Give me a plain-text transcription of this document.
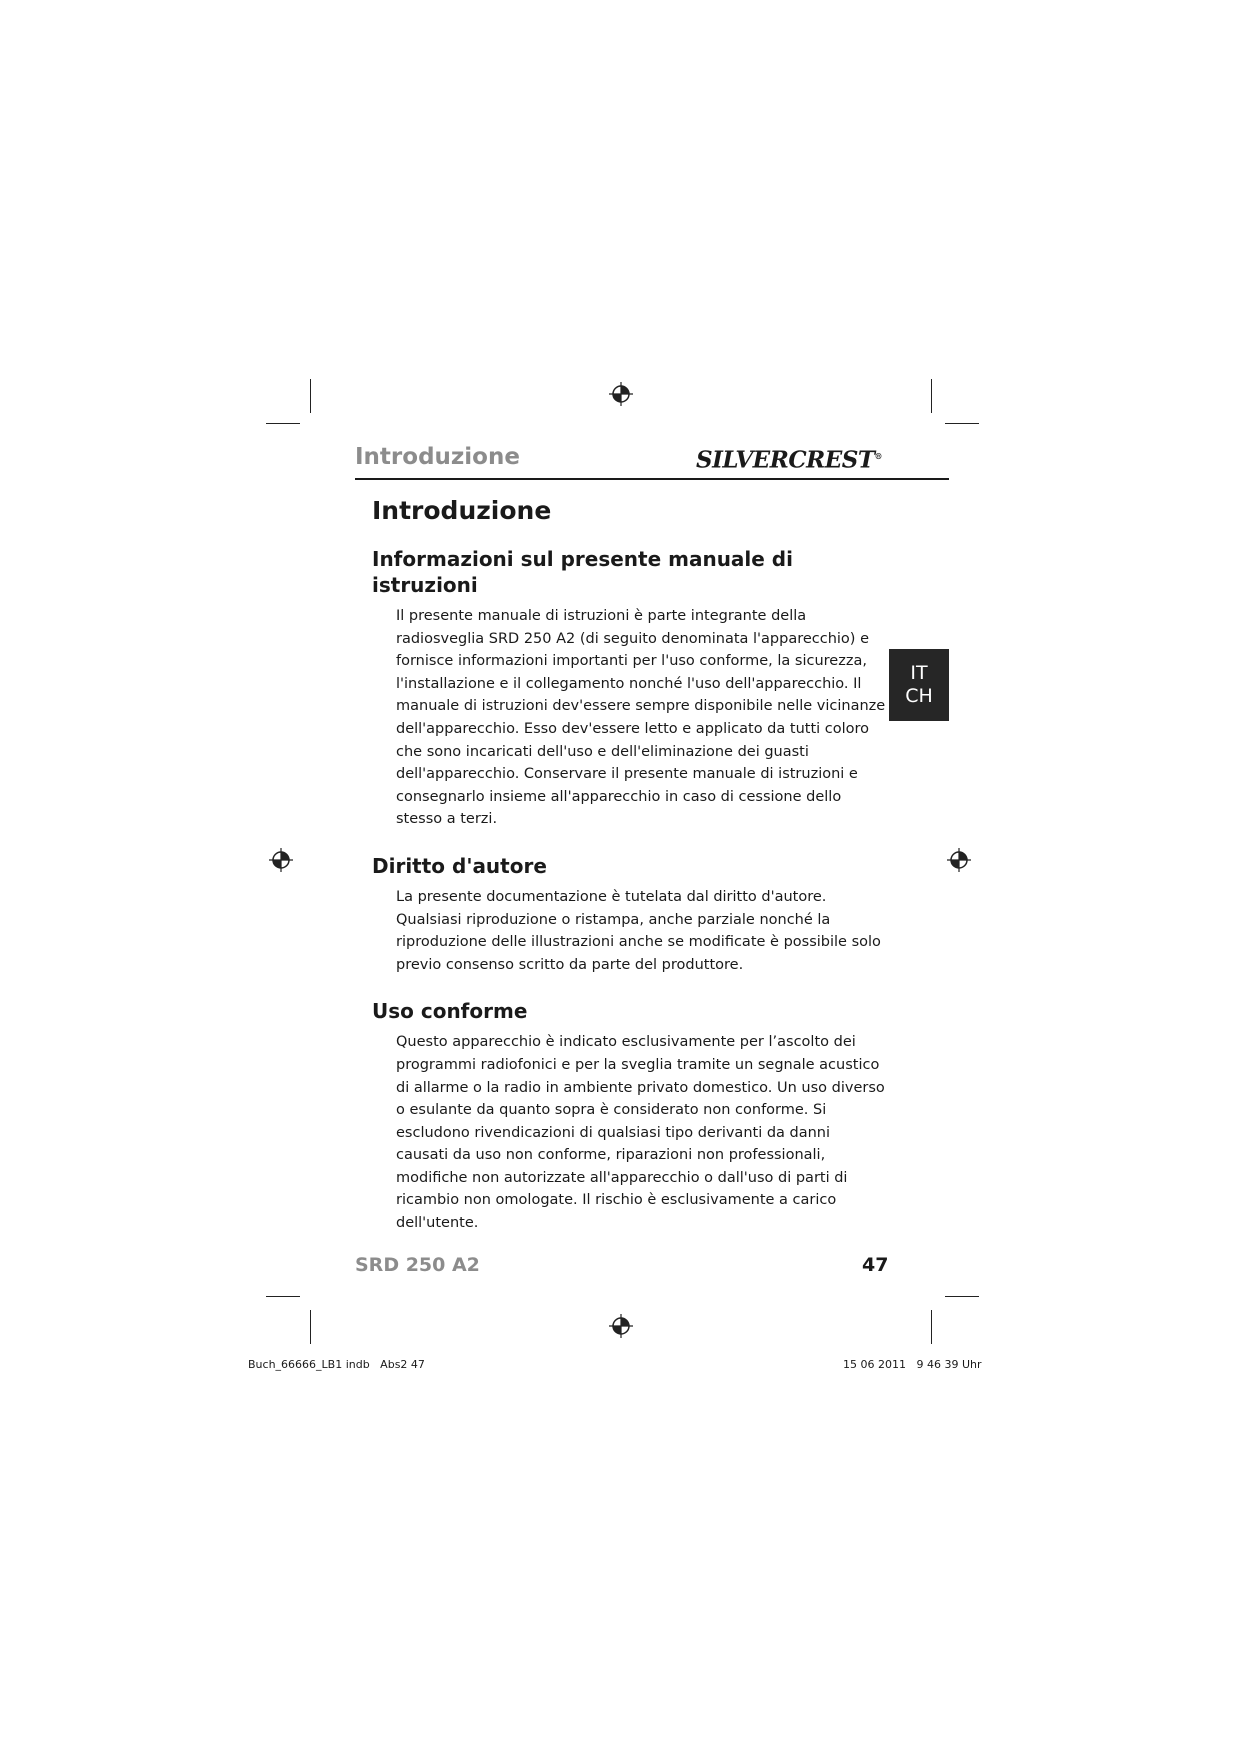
Introduzione	SILVERCREST®
IT
CH
Introduzione
Informazioni sul presente manuale di istruzioni

Il presente manuale di istruzioni è parte integrante della radiosveglia SRD 250 A2 (di seguito denominata l'apparecchio) e fornisce informazioni importanti per l'uso conforme, la sicurezza, l'installazione e il collegamento nonché l'uso dell'apparecchio. Il manuale di istruzioni dev'essere sempre disponibile nelle vicinanze dell'apparecchio. Esso dev'essere letto e applicato da tutti coloro che sono incaricati dell'uso e dell'eliminazione dei guasti dell'apparecchio. Conservare il presente manuale di istruzioni e consegnarlo insieme all'apparecchio in caso di cessione dello stesso a terzi.

Diritto d'autore

La presente documentazione è tutelata dal diritto d'autore. Qualsiasi riproduzione o ristampa, anche parziale nonché la riproduzione delle illustrazioni anche se modificate è possibile solo previo consenso scritto da parte del produttore.

Uso conforme

Questo apparecchio è indicato esclusivamente per l’ascolto dei programmi radiofonici e per la sveglia tramite un segnale acustico di allarme o la radio in ambiente privato domestico. Un uso diverso o esulante da quanto sopra è considerato non conforme. Si escludono rivendicazioni di qualsiasi tipo derivanti da danni causati da uso non conforme, riparazioni non professionali, modifiche non autorizzate all'apparecchio o dall'uso di parti di ricambio non omologate. Il rischio è esclusivamente a carico dell'utente.

SRD 250 A2	47
Buch_66666_LB1 indb   Abs2 47	15 06 2011   9 46 39 Uhr
